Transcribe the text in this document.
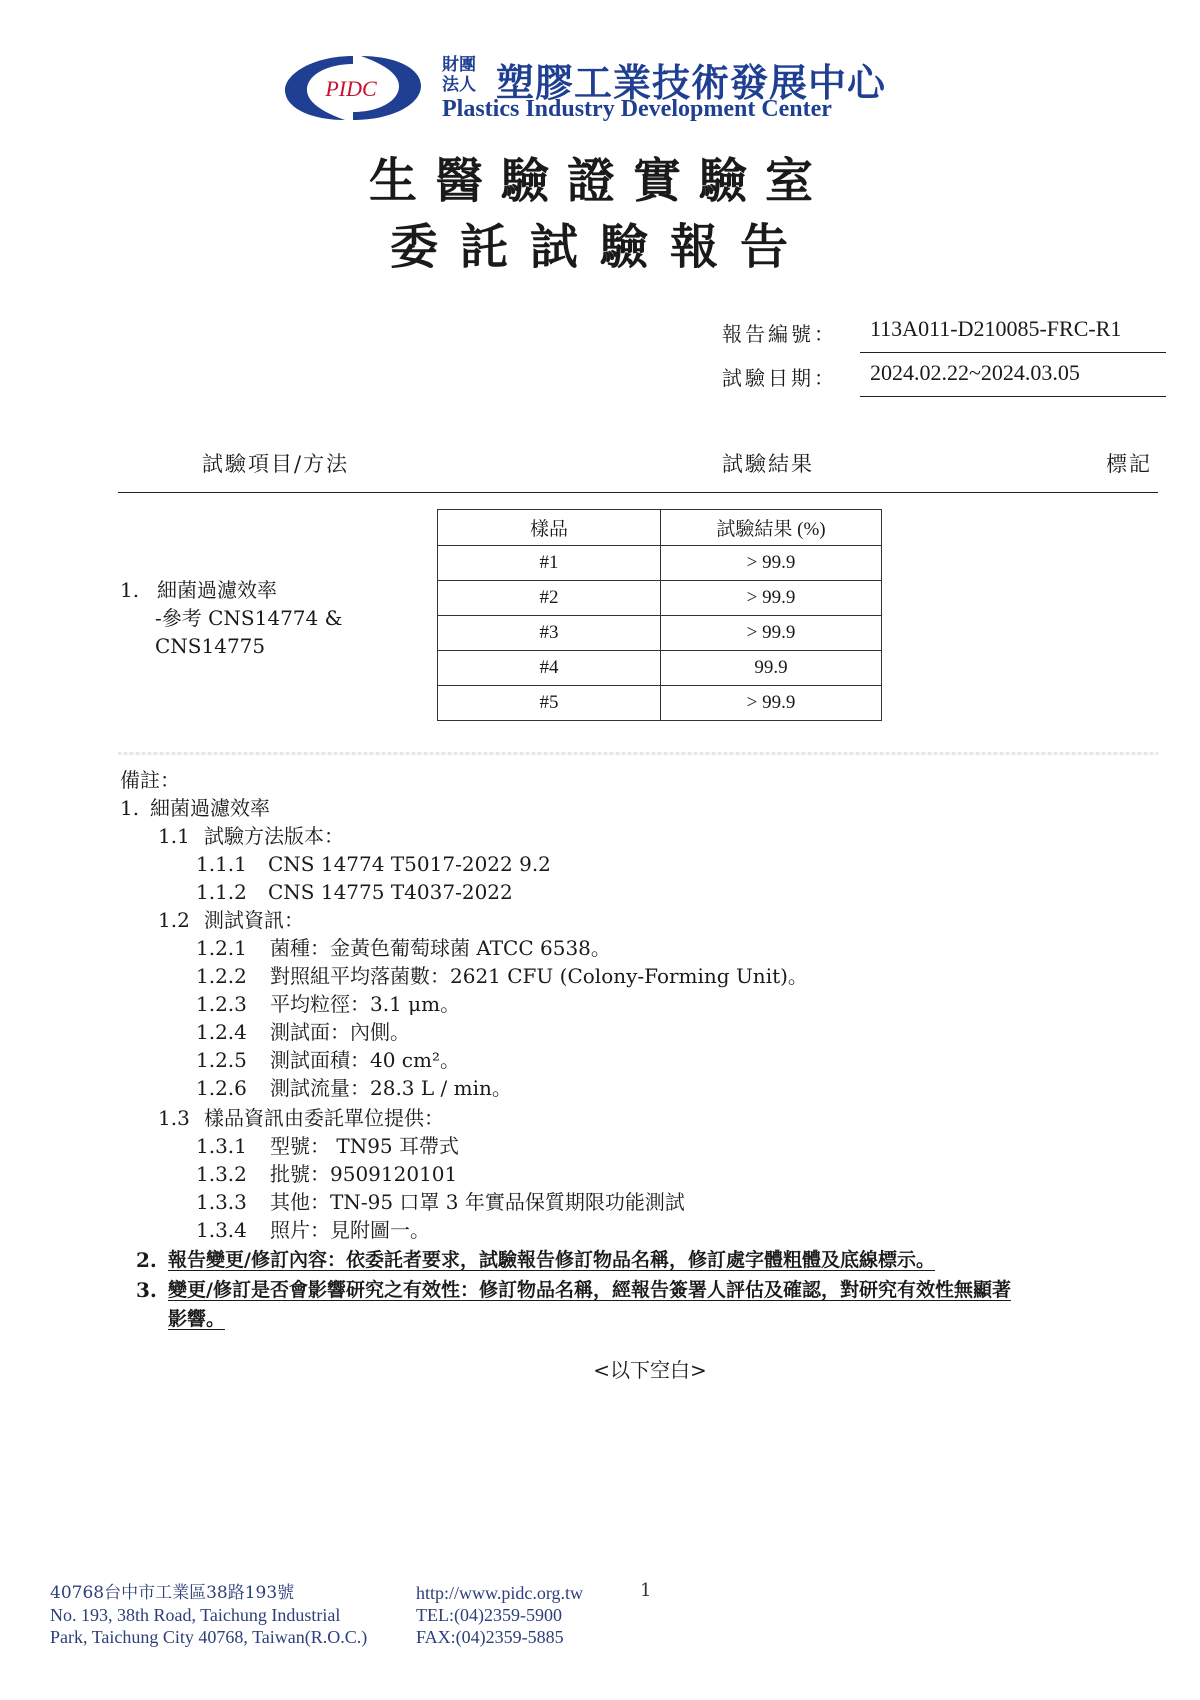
PIDC
財團
法人 塑膠工業技術發展中心
Plastics Industry Development Center
生醫驗證實驗室
委託試驗報告
報告編號： 113A011-D210085-FRC-R1
試驗日期： 2024.02.22~2024.03.05
試驗項目/方法	試驗結果	標記
1. 細菌過濾效率
-參考 CNS14774 &
CNS14775
樣品	試驗結果 (%)
#1	> 99.9
#2	> 99.9
#3	> 99.9
#4	99.9
#5	> 99.9
備註：
1. 細菌過濾效率
1.1 試驗方法版本：
1.1.1 CNS 14774 T5017-2022 9.2
1.1.2 CNS 14775 T4037-2022
1.2 測試資訊：
1.2.1 菌種：金黃色葡萄球菌 ATCC 6538。
1.2.2 對照組平均落菌數：2621 CFU (Colony-Forming Unit)。
1.2.3 平均粒徑：3.1 μm。
1.2.4 測試面：內側。
1.2.5 測試面積：40 cm²。
1.2.6 測試流量：28.3 L / min。
1.3 樣品資訊由委託單位提供：
1.3.1 型號： TN95 耳帶式
1.3.2 批號：9509120101
1.3.3 其他：TN-95 口罩 3 年實品保質期限功能測試
1.3.4 照片：見附圖一。
2. 報告變更/修訂內容：依委託者要求，試驗報告修訂物品名稱，修訂處字體粗體及底線標示。
3. 變更/修訂是否會影響研究之有效性：修訂物品名稱，經報告簽署人評估及確認，對研究有效性無顯著
影響。
<以下空白>
40768台中市工業區38路193號
No. 193, 38th Road, Taichung Industrial
Park, Taichung City 40768, Taiwan(R.O.C.)
http://www.pidc.org.tw
TEL:(04)2359-5900
FAX:(04)2359-5885
1
